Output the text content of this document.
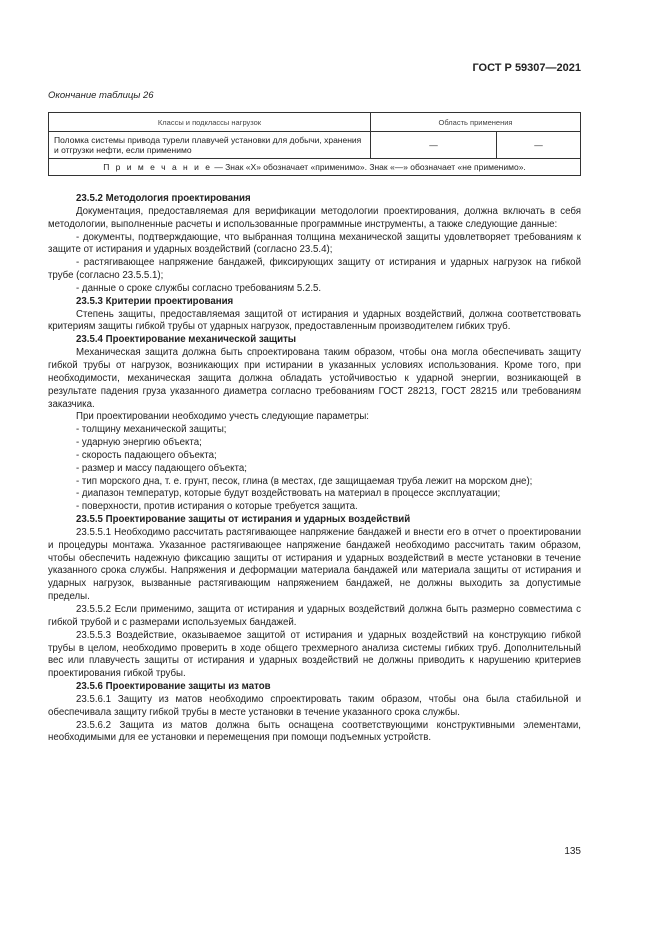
ГОСТ Р 59307—2021
Окончание таблицы 26
Классы и подклассы нагрузок	Область применения	
Поломка системы привода турели плавучей установки для добычи, хранения и отгрузки нефти, если применимо	—	—
П р и м е ч а н и е — Знак «Х» обозначает «применимо». Знак «—» обозначает «не применимо».		

23.5.2 Методология проектирования

Документация, предоставляемая для верификации методологии проектирования, должна включать в себя методологии, выполненные расчеты и использованные программные инструменты, а также следующие данные:

- документы, подтверждающие, что выбранная толщина механической защиты удовлетворяет требованиям к защите от истирания и ударных воздействий (согласно 23.5.4);

- растягивающее напряжение бандажей, фиксирующих защиту от истирания и ударных нагрузок на гибкой трубе (согласно 23.5.5.1);

- данные о сроке службы согласно требованиям 5.2.5.

23.5.3 Критерии проектирования

Степень защиты, предоставляемая защитой от истирания и ударных воздействий, должна соответствовать критериям защиты гибкой трубы от ударных нагрузок, предоставленным производителем гибких труб.

23.5.4 Проектирование механической защиты

Механическая защита должна быть спроектирована таким образом, чтобы она могла обеспечивать защиту гибкой трубы от нагрузок, возникающих при истирании в указанных условиях использования. Кроме того, при необходимости, механическая защита должна обладать устойчивостью к ударной энергии, возникающей в результате падения груза указанного диаметра согласно требованиям ГОСТ 28213, ГОСТ 28215 или требованиям заказчика.

При проектировании необходимо учесть следующие параметры:

- толщину механической защиты;

- ударную энергию объекта;

- скорость падающего объекта;

- размер и массу падающего объекта;

- тип морского дна, т. е. грунт, песок, глина (в местах, где защищаемая труба лежит на морском дне);

- диапазон температур, которые будут воздействовать на материал в процессе эксплуатации;

- поверхности, против истирания о которые требуется защита.

23.5.5 Проектирование защиты от истирания и ударных воздействий

23.5.5.1 Необходимо рассчитать растягивающее напряжение бандажей и внести его в отчет о проектировании и процедуры монтажа. Указанное растягивающее напряжение бандажей необходимо рассчитать таким образом, чтобы обеспечить надежную фиксацию защиты от истирания и ударных воздействий в месте установки в течение указанного срока службы. Напряжения и деформации материала бандажей или материала защиты от истирания и ударных нагрузок, вызванные растягивающим напряжением бандажей, не должны выходить за допустимые пределы.

23.5.5.2 Если применимо, защита от истирания и ударных воздействий должна быть размерно совместима с гибкой трубой и с размерами используемых бандажей.

23.5.5.3 Воздействие, оказываемое защитой от истирания и ударных воздействий на конструкцию гибкой трубы в целом, необходимо проверить в ходе общего трехмерного анализа системы гибких труб. Дополнительный вес или плавучесть защиты от истирания и ударных воздействий не должны приводить к нарушению критериев проектирования гибкой трубы.

23.5.6 Проектирование защиты из матов

23.5.6.1 Защиту из матов необходимо спроектировать таким образом, чтобы она была стабильной и обеспечивала защиту гибкой трубы в месте установки в течение указанного срока службы.

23.5.6.2 Защита из матов должна быть оснащена соответствующими конструктивными элементами, необходимыми для ее установки и перемещения при помощи подъемных устройств.

135
